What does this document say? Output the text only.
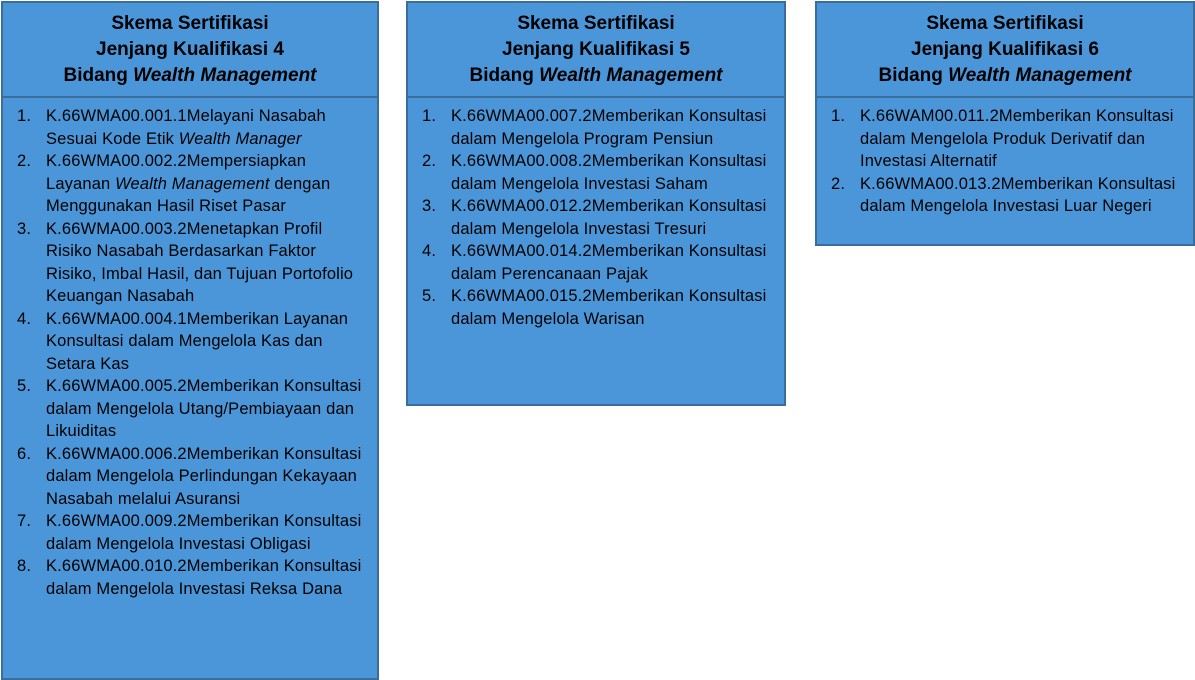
Skema Sertifikasi
Jenjang Kualifikasi 4
Bidang Wealth Management
1. K.66WMA00.001.1Melayani Nasabah Sesuai Kode Etik Wealth Manager
2. K.66WMA00.002.2Mempersiapkan Layanan Wealth Management dengan Menggunakan Hasil Riset Pasar
3. K.66WMA00.003.2Menetapkan Profil Risiko Nasabah Berdasarkan Faktor Risiko, Imbal Hasil, dan Tujuan Portofolio Keuangan Nasabah
4. K.66WMA00.004.1Memberikan Layanan Konsultasi dalam Mengelola Kas dan Setara Kas
5. K.66WMA00.005.2Memberikan Konsultasi dalam Mengelola Utang/Pembiayaan dan Likuiditas
6. K.66WMA00.006.2Memberikan Konsultasi dalam Mengelola Perlindungan Kekayaan Nasabah melalui Asuransi
7. K.66WMA00.009.2Memberikan Konsultasi dalam Mengelola Investasi Obligasi
8. K.66WMA00.010.2Memberikan Konsultasi dalam Mengelola Investasi Reksa Dana
Skema Sertifikasi
Jenjang Kualifikasi 5
Bidang Wealth Management
1. K.66WMA00.007.2Memberikan Konsultasi dalam Mengelola Program Pensiun
2. K.66WMA00.008.2Memberikan Konsultasi dalam Mengelola Investasi Saham
3. K.66WMA00.012.2Memberikan Konsultasi dalam Mengelola Investasi Tresuri
4. K.66WMA00.014.2Memberikan Konsultasi dalam Perencanaan Pajak
5. K.66WMA00.015.2Memberikan Konsultasi dalam Mengelola Warisan
Skema Sertifikasi
Jenjang Kualifikasi 6
Bidang Wealth Management
1. K.66WAM00.011.2Memberikan Konsultasi dalam Mengelola Produk Derivatif dan Investasi Alternatif
2. K.66WMA00.013.2Memberikan Konsultasi dalam Mengelola Investasi Luar Negeri
